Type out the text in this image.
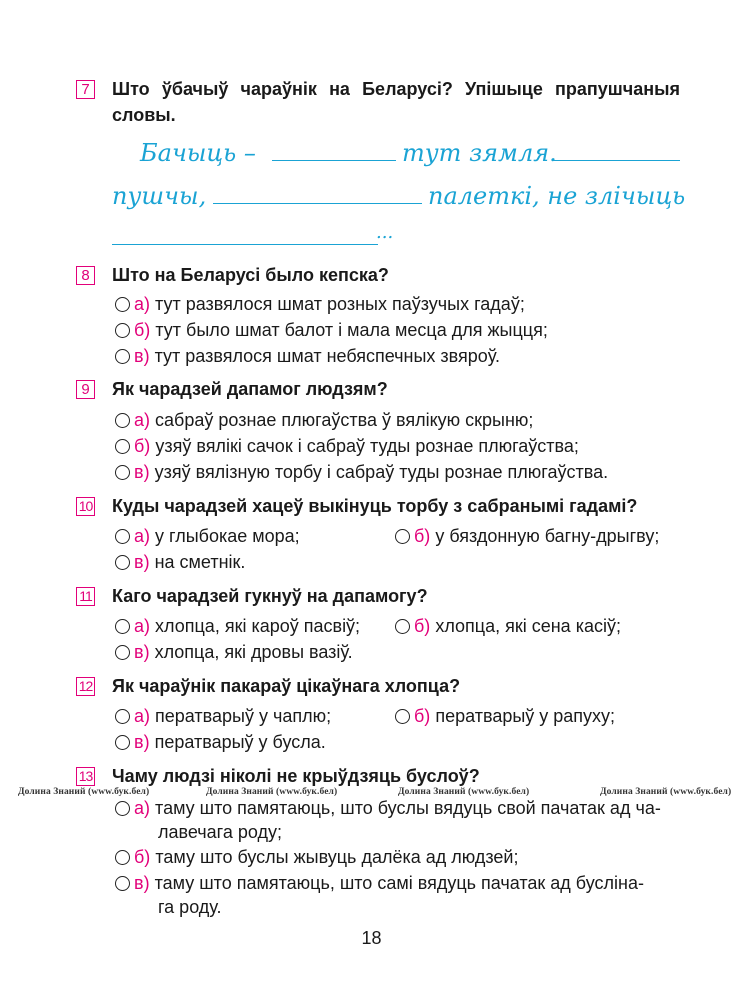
7 Што ўбачыў чараўнік на Беларусі? Упішыце прапушчаныя словы.
Бачыць –	тут зямля.
пушчы,	палеткі, не злічыць
...
8 Што на Беларусі было кепска?
а) тут развялося шмат розных паўзучых гадаў;
б) тут было шмат балот і мала месца для жыцця;
в) тут развялося шмат небяспечных звяроў.
9 Як чарадзей дапамог людзям?
а) сабраў рознае плюгаўства ў вялікую скрыню;
б) узяў вялікі сачок і сабраў туды рознае плюгаўства;
в) узяў вялізную торбу і сабраў туды рознае плюгаўства.
10 Куды чарадзей хацеў выкінуць торбу з сабранымі гадамі?
а) у глыбокае мора;	б) у бяздонную багну-дрыгву;
в) на сметнік.
11 Каго чарадзей гукнуў на дапамогу?
а) хлопца, які кароў пасвіў;	б) хлопца, які сена касіў;
в) хлопца, які дровы вазіў.
12 Як чараўнік пакараў цікаўнага хлопца?
а) ператварыў у чаплю;	б) ператварыў у рапуху;
в) ператварыў у бусла.
13 Чаму людзі ніколі не крыўдзяць буслоў?
Долина Знаний (www.бук.бел)	Долина Знаний (www.бук.бел)	Долина Знаний (www.бук.бел)	Долина Знаний (www.бук.бел)
а) таму што памятаюць, што буслы вядуць свой пачатак ад ча-
лавечага роду;
б) таму што буслы жывуць далёка ад людзей;
в) таму што памятаюць, што самі вядуць пачатак ад бусліна-
га роду.
18
